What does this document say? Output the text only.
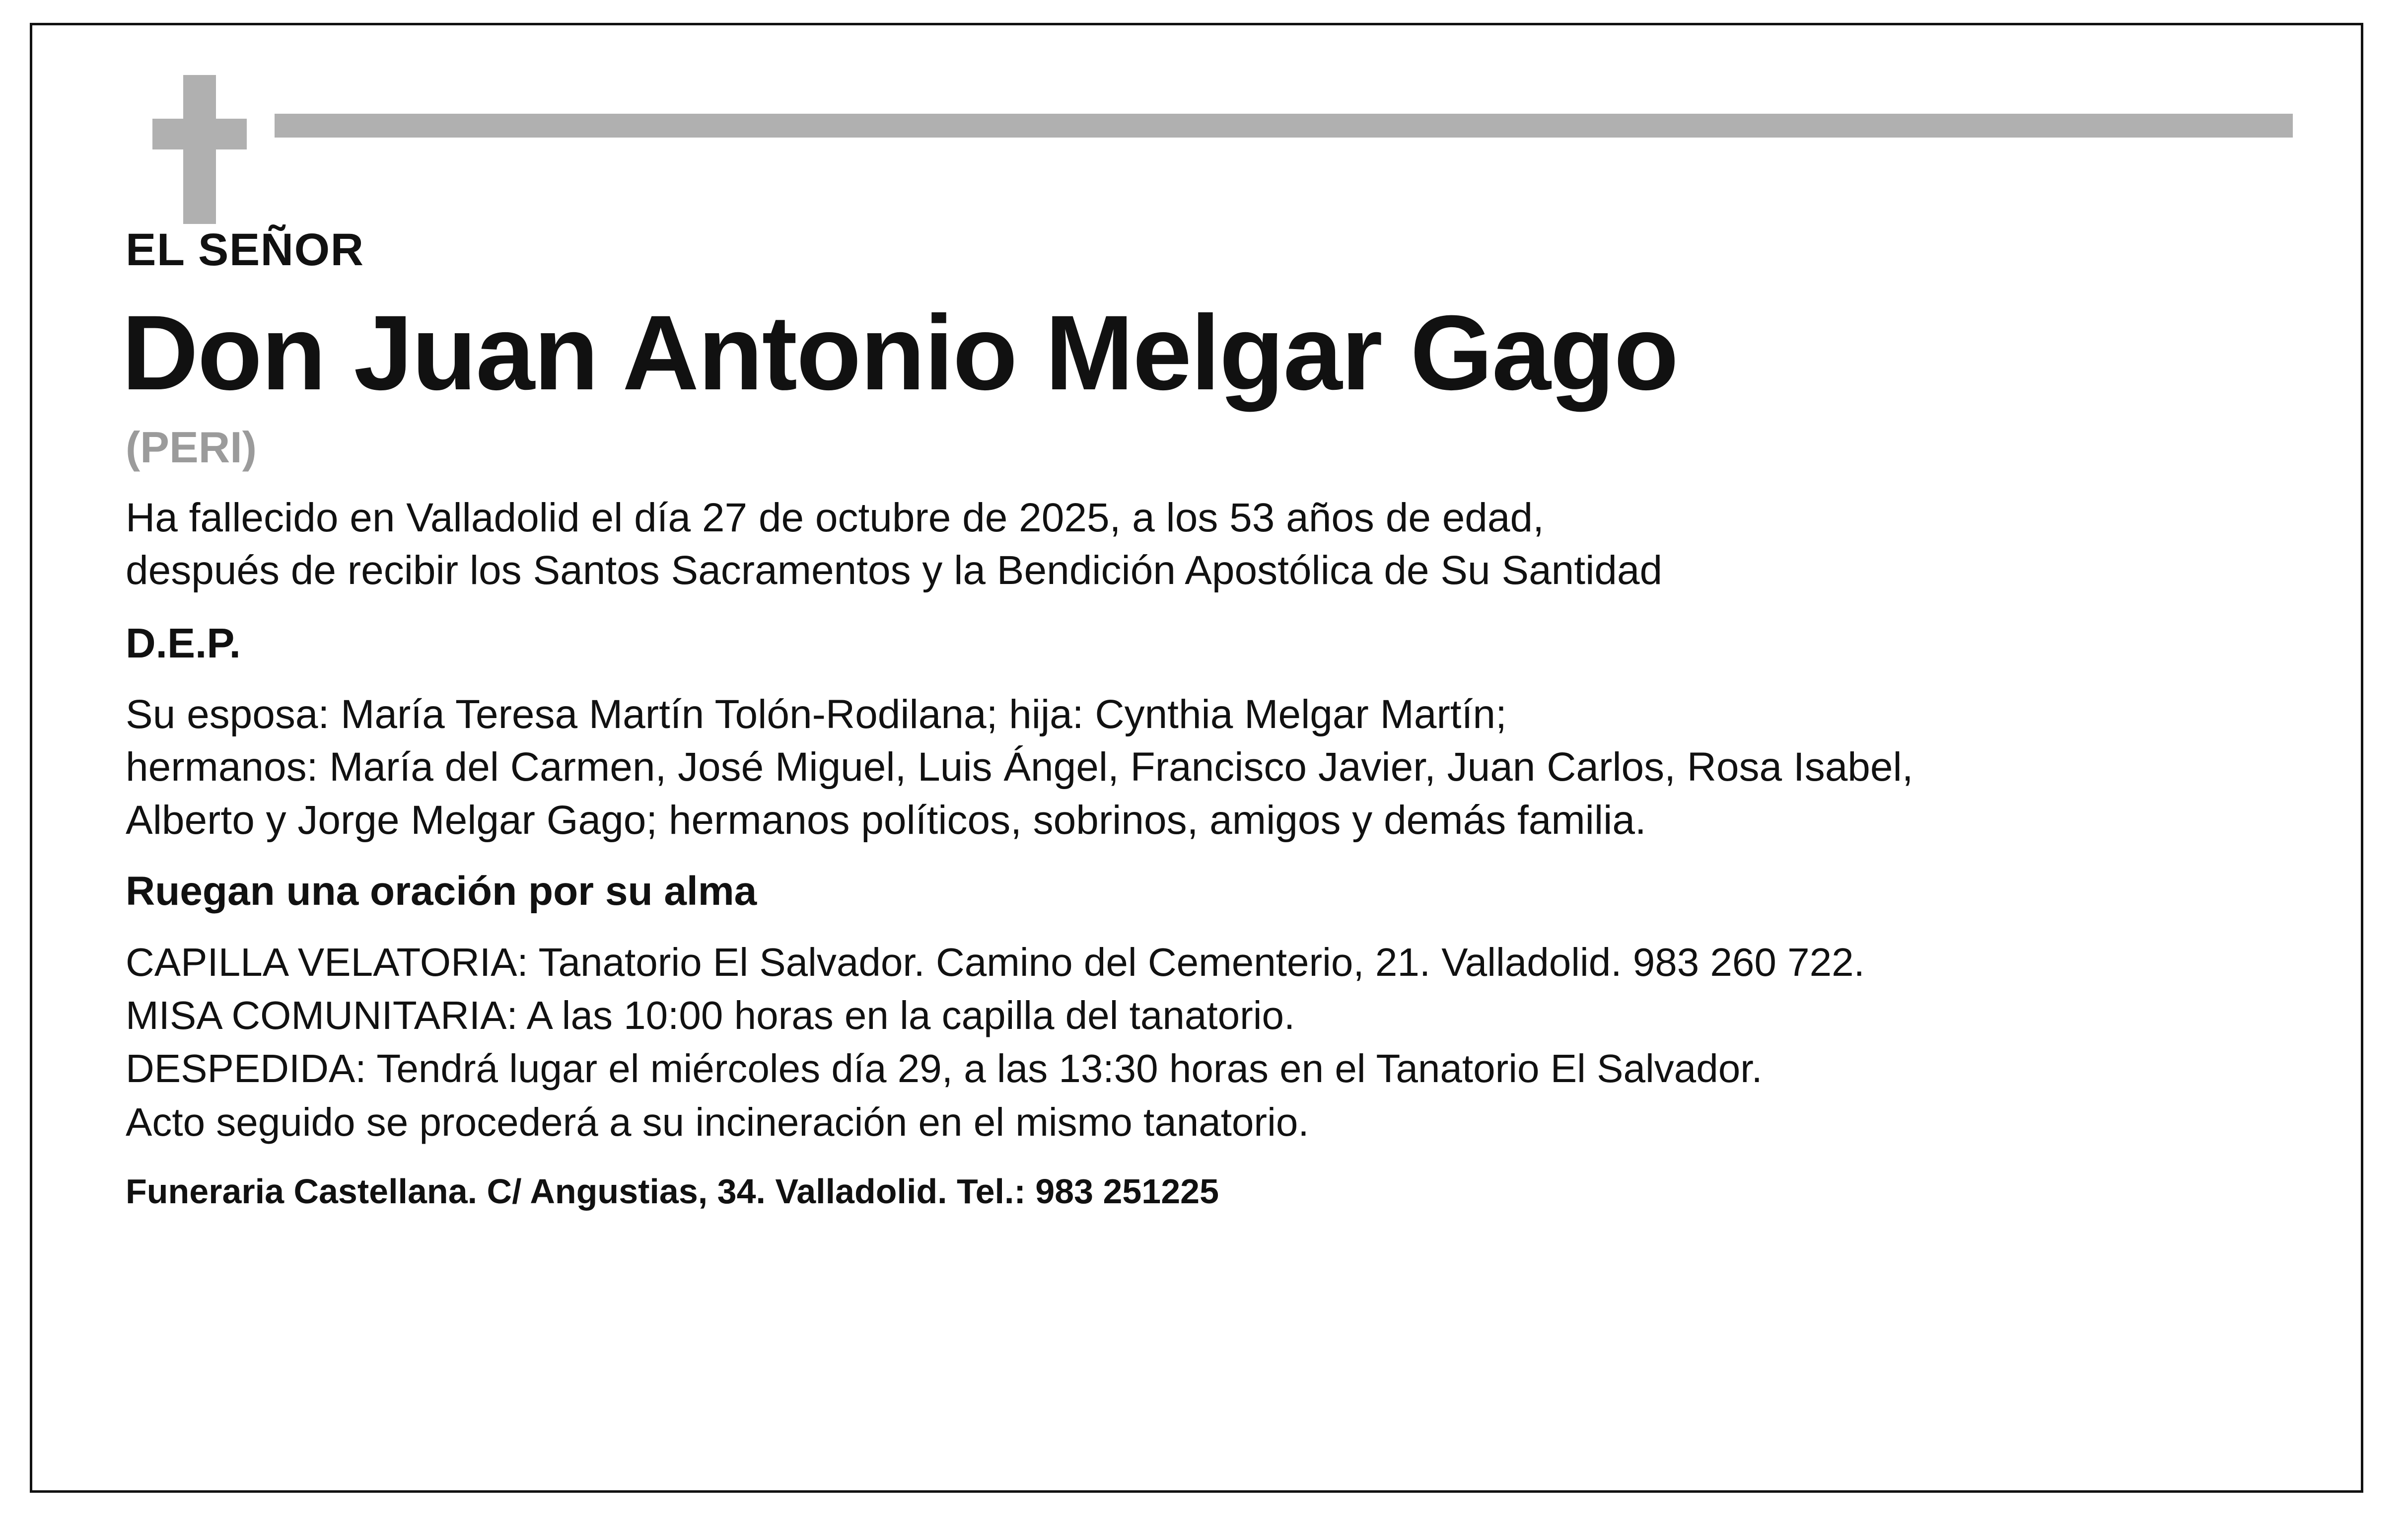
EL SEÑOR
Don Juan Antonio Melgar Gago
(PERI)
Ha fallecido en Valladolid el día 27 de octubre de 2025, a los 53 años de edad,
después de recibir los Santos Sacramentos y la Bendición Apostólica de Su Santidad
D.E.P.
Su esposa: María Teresa Martín Tolón-Rodilana; hija: Cynthia Melgar Martín;
hermanos: María del Carmen, José Miguel, Luis Ángel, Francisco Javier, Juan Carlos, Rosa Isabel,
Alberto y Jorge Melgar Gago; hermanos políticos, sobrinos, amigos y demás familia.
Ruegan una oración por su alma
CAPILLA VELATORIA: Tanatorio El Salvador. Camino del Cementerio, 21. Valladolid. 983 260 722.
MISA COMUNITARIA: A las 10:00 horas en la capilla del tanatorio.
DESPEDIDA: Tendrá lugar el miércoles día 29, a las 13:30 horas en el Tanatorio El Salvador.
Acto seguido se procederá a su incineración en el mismo tanatorio.
Funeraria Castellana. C/ Angustias, 34. Valladolid. Tel.: 983 251225
